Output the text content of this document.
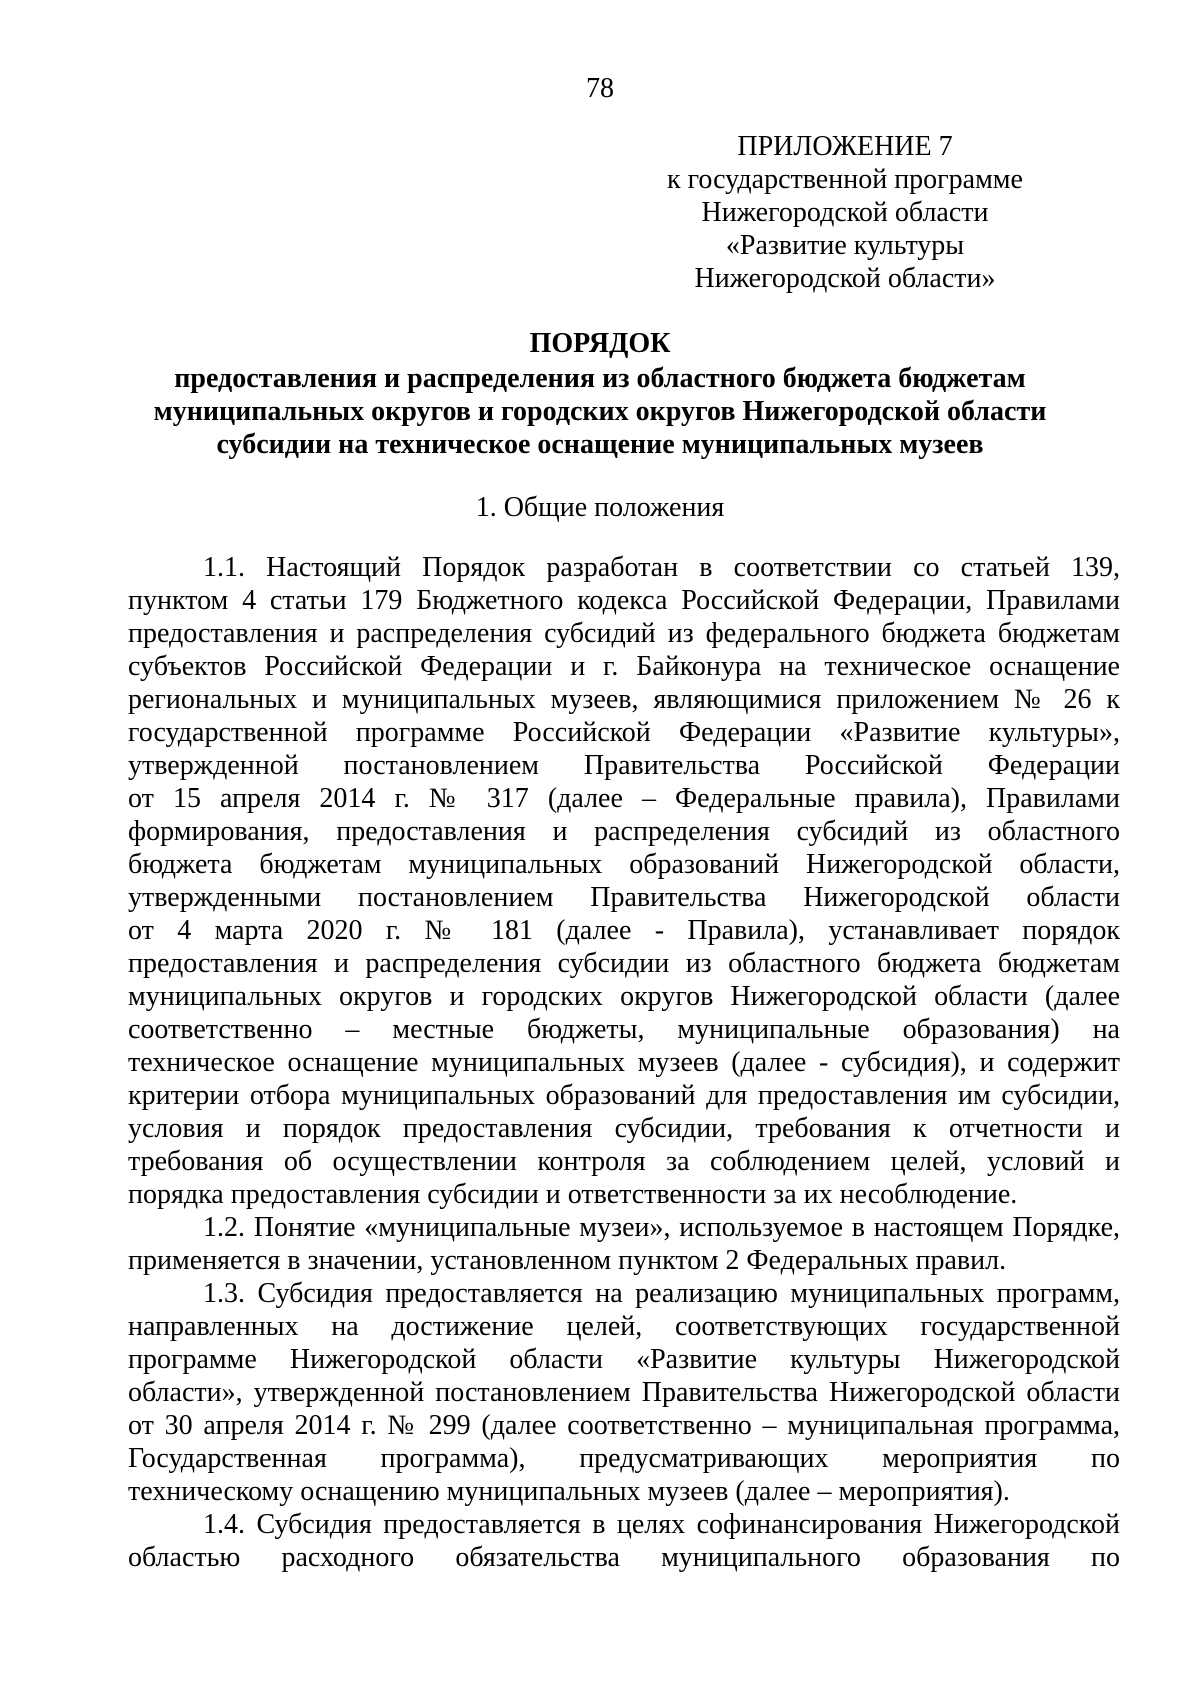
78
ПРИЛОЖЕНИЕ 7
к государственной программе
Нижегородской области
«Развитие культуры
Нижегородской области»
ПОРЯДОК
предоставления и распределения из областного бюджета бюджетам
муниципальных округов и городских округов Нижегородской области
субсидии на техническое оснащение муниципальных музеев
1. Общие положения
1.1. Настоящий Порядок разработан в соответствии со статьей 139,
пунктом 4 статьи 179 Бюджетного кодекса Российской Федерации, Правилами
предоставления и распределения субсидий из федерального бюджета бюджетам
субъектов Российской Федерации и г. Байконура на техническое оснащение
региональных и муниципальных музеев, являющимися приложением № 26 к
государственной программе Российской Федерации «Развитие культуры»,
утвержденной постановлением Правительства Российской Федерации
от 15 апреля 2014 г. № 317 (далее – Федеральные правила), Правилами
формирования, предоставления и распределения субсидий из областного
бюджета бюджетам муниципальных образований Нижегородской области,
утвержденными постановлением Правительства Нижегородской области
от 4 марта 2020 г. № 181 (далее - Правила), устанавливает порядок
предоставления и распределения субсидии из областного бюджета бюджетам
муниципальных округов и городских округов Нижегородской области (далее
соответственно – местные бюджеты, муниципальные образования) на
техническое оснащение муниципальных музеев (далее - субсидия), и содержит
критерии отбора муниципальных образований для предоставления им субсидии,
условия и порядок предоставления субсидии, требования к отчетности и
требования об осуществлении контроля за соблюдением целей, условий и
порядка предоставления субсидии и ответственности за их несоблюдение.
1.2. Понятие «муниципальные музеи», используемое в настоящем Порядке,
применяется в значении, установленном пунктом 2 Федеральных правил.
1.3. Субсидия предоставляется на реализацию муниципальных программ,
направленных на достижение целей, соответствующих государственной
программе Нижегородской области «Развитие культуры Нижегородской
области», утвержденной постановлением Правительства Нижегородской области
от 30 апреля 2014 г. № 299 (далее соответственно – муниципальная программа,
Государственная программа), предусматривающих мероприятия по
техническому оснащению муниципальных музеев (далее – мероприятия).
1.4. Субсидия предоставляется в целях софинансирования Нижегородской
областью расходного обязательства муниципального образования по
